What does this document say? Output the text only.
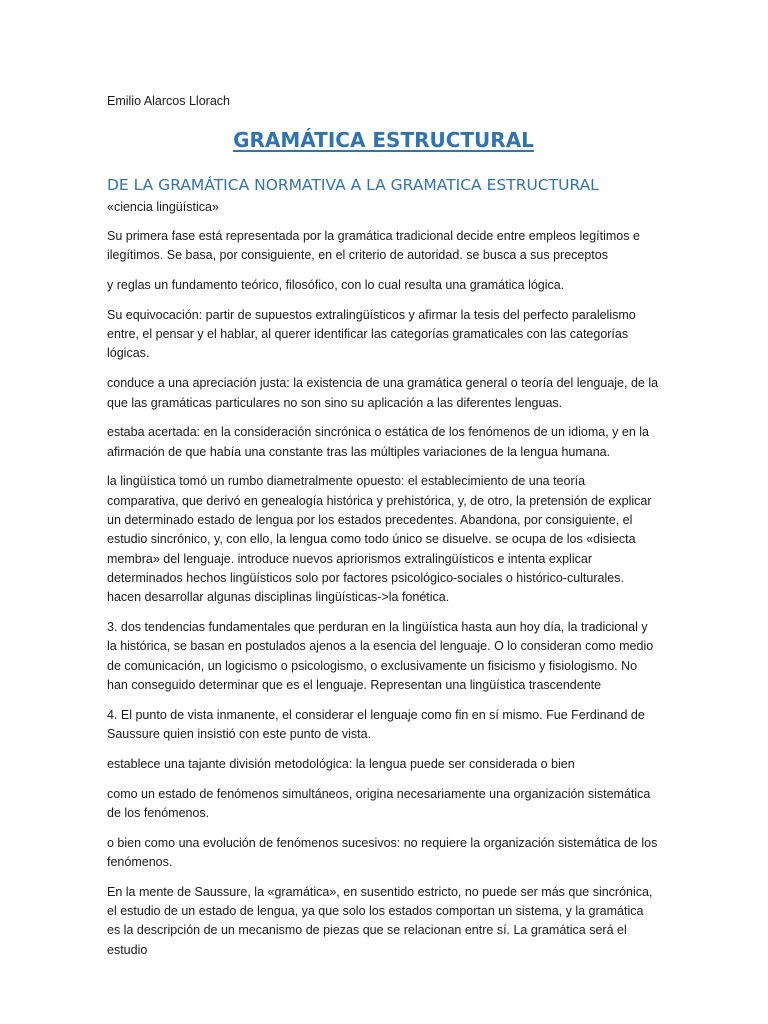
Emilio Alarcos Llorach
GRAMÁTICA ESTRUCTURAL
DE LA GRAMÁTICA NORMATIVA A LA GRAMATICA ESTRUCTURAL
«ciencia lingüística»

Su primera fase está representada por la gramática tradicional decide entre empleos legítimos e ilegítimos. Se basa, por consiguiente, en el criterio de autoridad. se busca a sus preceptos

y reglas un fundamento teórico, filosófico, con lo cual resulta una gramática lógica.

Su equivocación: partir de supuestos extralingüísticos y afirmar la tesis del perfecto paralelismo entre, el pensar y el hablar, al querer identificar las categorías gramaticales con las categorías lógicas.

conduce a una apreciación justa: la existencia de una gramática general o teoría del lenguaje, de la que las gramáticas particulares no son sino su aplicación a las diferentes lenguas.

estaba acertada: en la consideración sincrónica o estática de los fenómenos de un idioma, y en la afirmación de que había una constante tras las múltiples variaciones de la lengua humana.

la lingüística tomó un rumbo diametralmente opuesto: el establecimiento de una teoría comparativa, que derivó en genealogía histórica y prehistórica, y, de otro, la pretensión de explicar un determinado estado de lengua por los estados precedentes. Abandona, por consiguiente, el estudio sincrónico, y, con ello, la lengua como todo único se disuelve. se ocupa de los «disiecta membra» del lenguaje. introduce nuevos apriorismos extralingüísticos e intenta explicar determinados hechos lingüísticos solo por factores psicológico-sociales o histórico-culturales. hacen desarrollar algunas disciplinas lingüísticas->la fonética.

3. dos tendencias fundamentales que perduran en la lingüística hasta aun hoy día, la tradicional y la histórica, se basan en postulados ajenos a la esencia del lenguaje. O lo consideran como medio de comunicación, un logicismo o psicologismo, o exclusivamente un fisicismo y fisiologismo. No han conseguido determinar que es el lenguaje. Representan una lingüística trascendente

4. El punto de vista inmanente, el considerar el lenguaje como fin en sí mismo. Fue Ferdinand de Saussure quien insistió con este punto de vista.

establece una tajante división metodológica: la lengua puede ser considerada o bien

como un estado de fenómenos simultáneos, origina necesariamente una organización sistemática de los fenómenos.

o bien como una evolución de fenómenos sucesivos: no requiere la organización sistemática de los fenómenos.

En la mente de Saussure, la «gramática», en susentido estricto, no puede ser más que sincrónica, el estudio de un estado de lengua, ya que solo los estados comportan un sistema, y la gramática es la descripción de un mecanismo de piezas que se relacionan entre sí. La gramática será el estudio
